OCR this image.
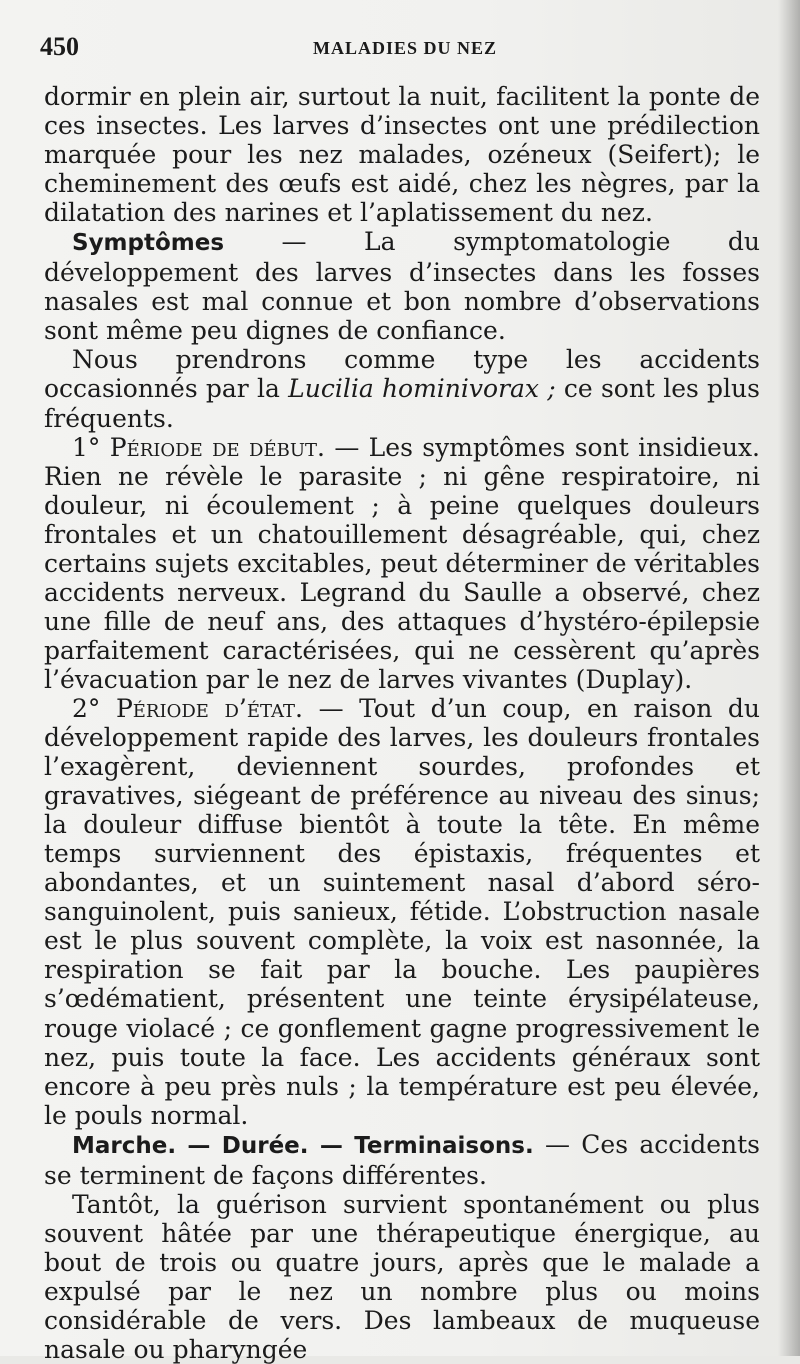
450	MALADIES DU NEZ

dormir en plein air, surtout la nuit, facilitent la ponte de ces insectes. Les larves d’insectes ont une prédilection marquée pour les nez malades, ozéneux (Seifert); le cheminement des œufs est aidé, chez les nègres, par la dilatation des narines et l’aplatissement du nez.

Symptômes — La symptomatologie du développement des larves d’insectes dans les fosses nasales est mal connue et bon nombre d’observations sont même peu dignes de confiance.

Nous prendrons comme type les accidents occasionnés par la Lucilia hominivorax ; ce sont les plus fréquents.

1° Période de début. — Les symptômes sont insidieux. Rien ne révèle le parasite ; ni gêne respiratoire, ni douleur, ni écoulement ; à peine quelques douleurs frontales et un chatouillement désagréable, qui, chez certains sujets excitables, peut déterminer de véritables accidents nerveux. Legrand du Saulle a observé, chez une fille de neuf ans, des attaques d’hystéro-épilepsie parfaitement caractérisées, qui ne cessèrent qu’après l’évacuation par le nez de larves vivantes (Duplay).

2° Période d’état. — Tout d’un coup, en raison du développement rapide des larves, les douleurs frontales l’exagèrent, deviennent sourdes, profondes et gravatives, siégeant de préférence au niveau des sinus; la douleur diffuse bientôt à toute la tête. En même temps surviennent des épistaxis, fréquentes et abondantes, et un suintement nasal d’abord séro-sanguinolent, puis sanieux, fétide. L’obstruction nasale est le plus souvent complète, la voix est nasonnée, la respiration se fait par la bouche. Les paupières s’œdématient, présentent une teinte érysipélateuse, rouge violacé ; ce gonflement gagne progressivement le nez, puis toute la face. Les accidents généraux sont encore à peu près nuls ; la température est peu élevée, le pouls normal.

Marche. — Durée. — Terminaisons. — Ces accidents se terminent de façons différentes.

Tantôt, la guérison survient spontanément ou plus souvent hâtée par une thérapeutique énergique, au bout de trois ou quatre jours, après que le malade a expulsé par le nez un nombre plus ou moins considérable de vers. Des lambeaux de muqueuse nasale ou pharyngée
